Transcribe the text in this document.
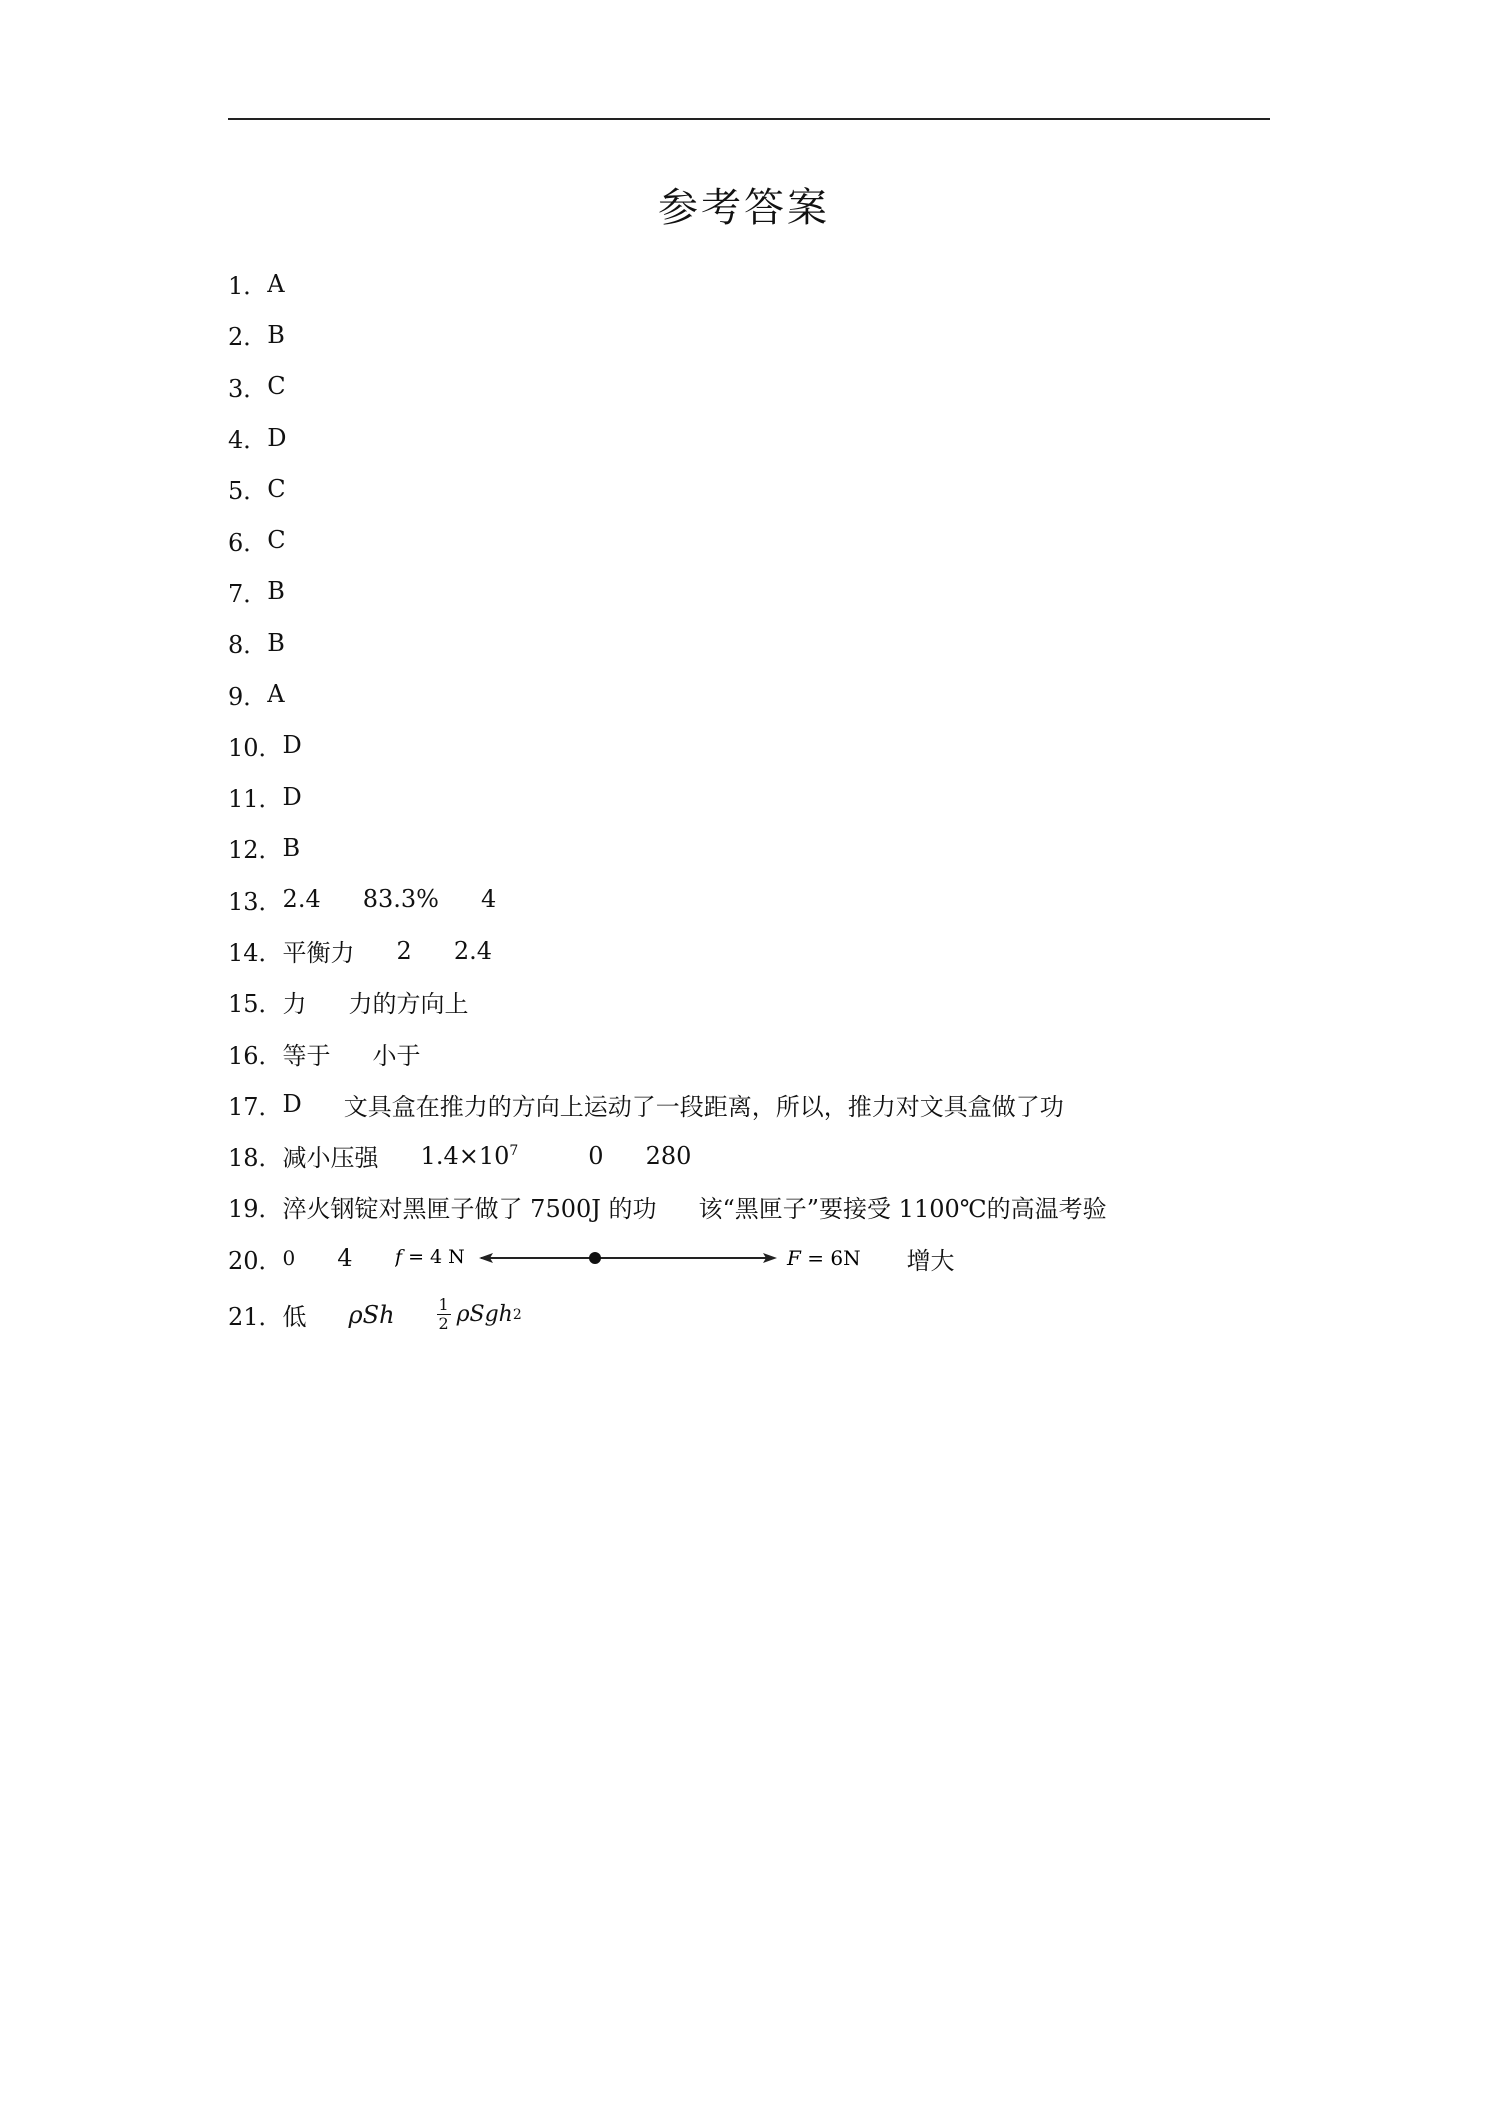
参考答案
1． A
2． B
3． C
4． D
5． C
6． C
7． B
8． B
9． A
10． D
11． D
12． B
13． 2.4 83.3% 4
14． 平衡力 2 2.4
15． 力 力的方向上
16． 等于 小于
17． D 文具盒在推力的方向上运动了一段距离，所以，推力对文具盒做了功
18． 减小压强 $1.4\times 10^7$	0 280
19． 淬火钢锭对黑匣子做了 7500J 的功 该“黑匣子”要接受 1100℃的高温考验
20． 0 4 f = 4 N	F = 6N 增大
21． 低 ρSh	$\frac{1}{2}$ ρSgh 2
